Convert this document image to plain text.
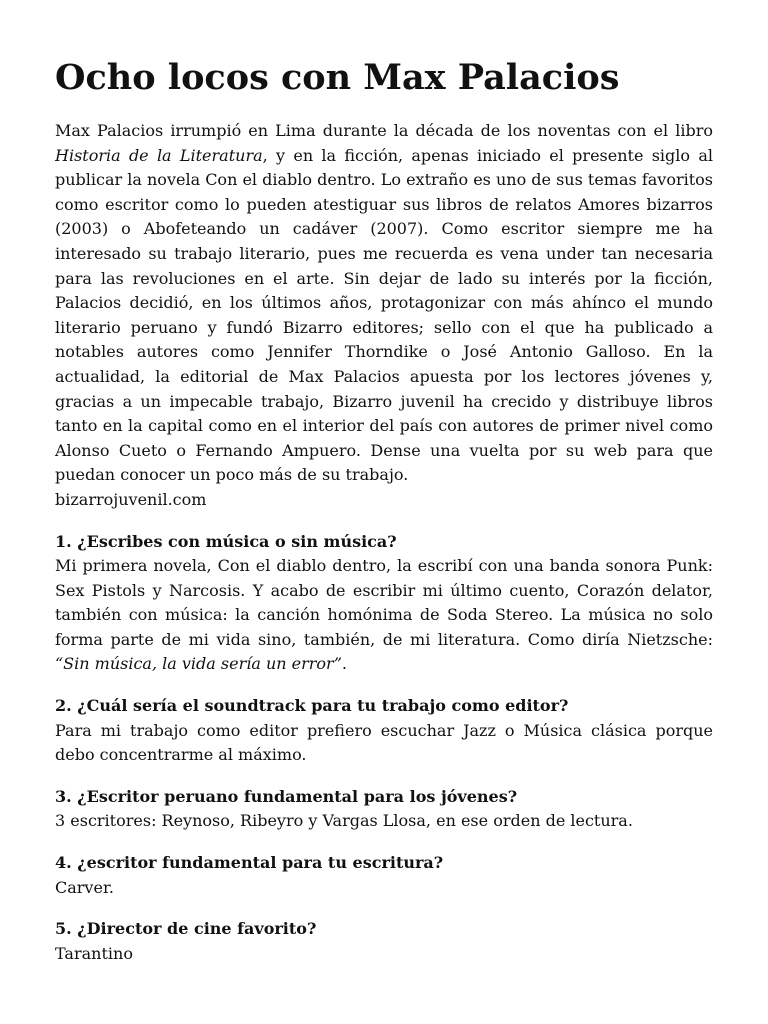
Ocho locos con Max Palacios

Max Palacios irrumpió en Lima durante la década de los noventas con el libro Historia de la Literatura, y en la ficción, apenas iniciado el presente siglo al publicar la novela Con el diablo dentro. Lo extraño es uno de sus temas favoritos como escritor como lo pueden atestiguar sus libros de relatos Amores bizarros (2003) o Abofeteando un cadáver (2007). Como escritor siempre me ha interesado su trabajo literario, pues me recuerda es vena under tan necesaria para las revoluciones en el arte. Sin dejar de lado su interés por la ficción, Palacios decidió, en los últimos años, protagonizar con más ahínco el mundo literario peruano y fundó Bizarro editores; sello con el que ha publicado a notables autores como Jennifer Thorndike o José Antonio Galloso. En la actualidad, la editorial de Max Palacios apuesta por los lectores jóvenes y, gracias a un impecable trabajo, Bizarro juvenil ha crecido y distribuye libros tanto en la capital como en el interior del país con autores de primer nivel como Alonso Cueto o Fernando Ampuero. Dense una vuelta por su web para que puedan conocer un poco más de su trabajo.

bizarrojuvenil.com

1. ¿Escribes con música o sin música?

Mi primera novela, Con el diablo dentro, la escribí con una banda sonora Punk: Sex Pistols y Narcosis. Y acabo de escribir mi último cuento, Corazón delator, también con música: la canción homónima de Soda Stereo. La música no solo forma parte de mi vida sino, también, de mi literatura. Como diría Nietzsche: “Sin música, la vida sería un error”.

2. ¿Cuál sería el soundtrack para tu trabajo como editor?

Para mi trabajo como editor prefiero escuchar Jazz o Música clásica porque debo concentrarme al máximo.

3. ¿Escritor peruano fundamental para los jóvenes?

3 escritores: Reynoso, Ribeyro y Vargas Llosa, en ese orden de lectura.

4. ¿escritor fundamental para tu escritura?

Carver.

5. ¿Director de cine favorito?

Tarantino
